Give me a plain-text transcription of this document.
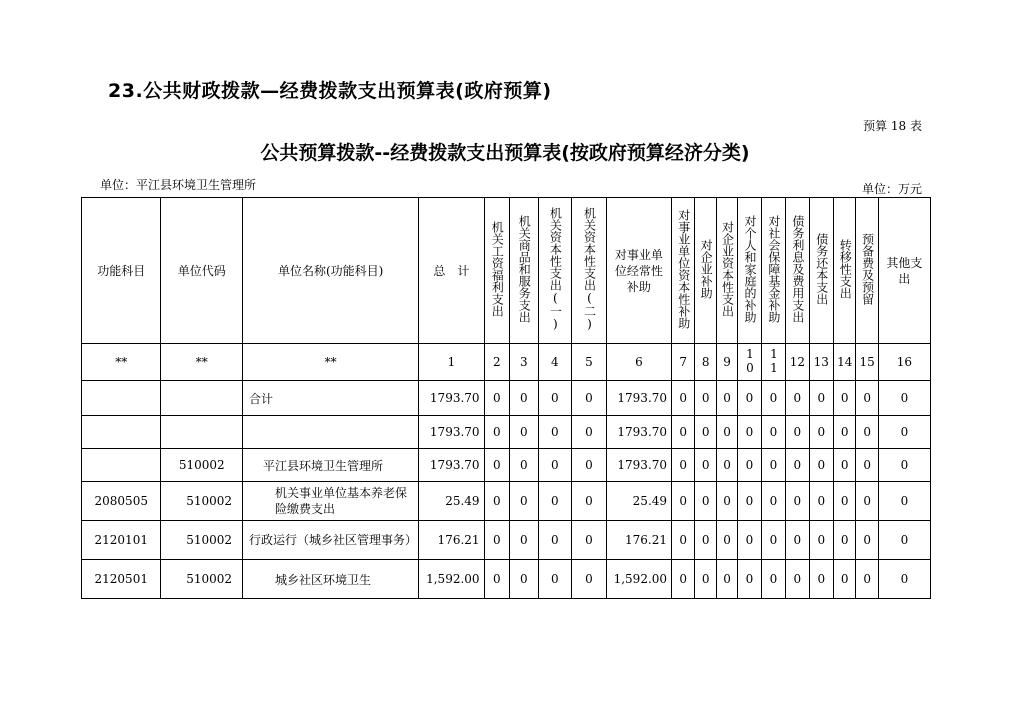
23.公共财政拨款—经费拨款支出预算表(政府预算)
预算 18 表
公共预算拨款--经费拨款支出预算表(按政府预算经济分类)
单位：平江县环境卫生管理所	单位：万元
功能科目	单位代码	单位名称(功能科目)	总　计	机关工资福利支出	机关商品和服务支出	机关资本性支出(一)	机关资本性支出(二)	对事业单位经常性补助	对事业单位资本性补助	对企业补助	对企业资本性支出	对个人和家庭的补助	对社会保障基金补助	债务利息及费用支出	债务还本支出	转移性支出	预备费及预留	其他支出

**	**	**	1	2	3	4	5	6	7	8	9	10	11	12	13	14	15	16
		合计	1793.70	0	0	0	0	1793.70	0	0	0	0	0	0	0	0	0	0
			1793.70	0	0	0	0	1793.70	0	0	0	0	0	0	0	0	0	0
	510002	平江县环境卫生管理所	1793.70	0	0	0	0	1793.70	0	0	0	0	0	0	0	0	0	0
2080505	510002	机关事业单位基本养老保险缴费支出	25.49	0	0	0	0	25.49	0	0	0	0	0	0	0	0	0	0
2120101	510002	行政运行（城乡社区管理事务）	176.21	0	0	0	0	176.21	0	0	0	0	0	0	0	0	0	0
2120501	510002	城乡社区环境卫生	1,592.00	0	0	0	0	1,592.00	0	0	0	0	0	0	0	0	0	0
